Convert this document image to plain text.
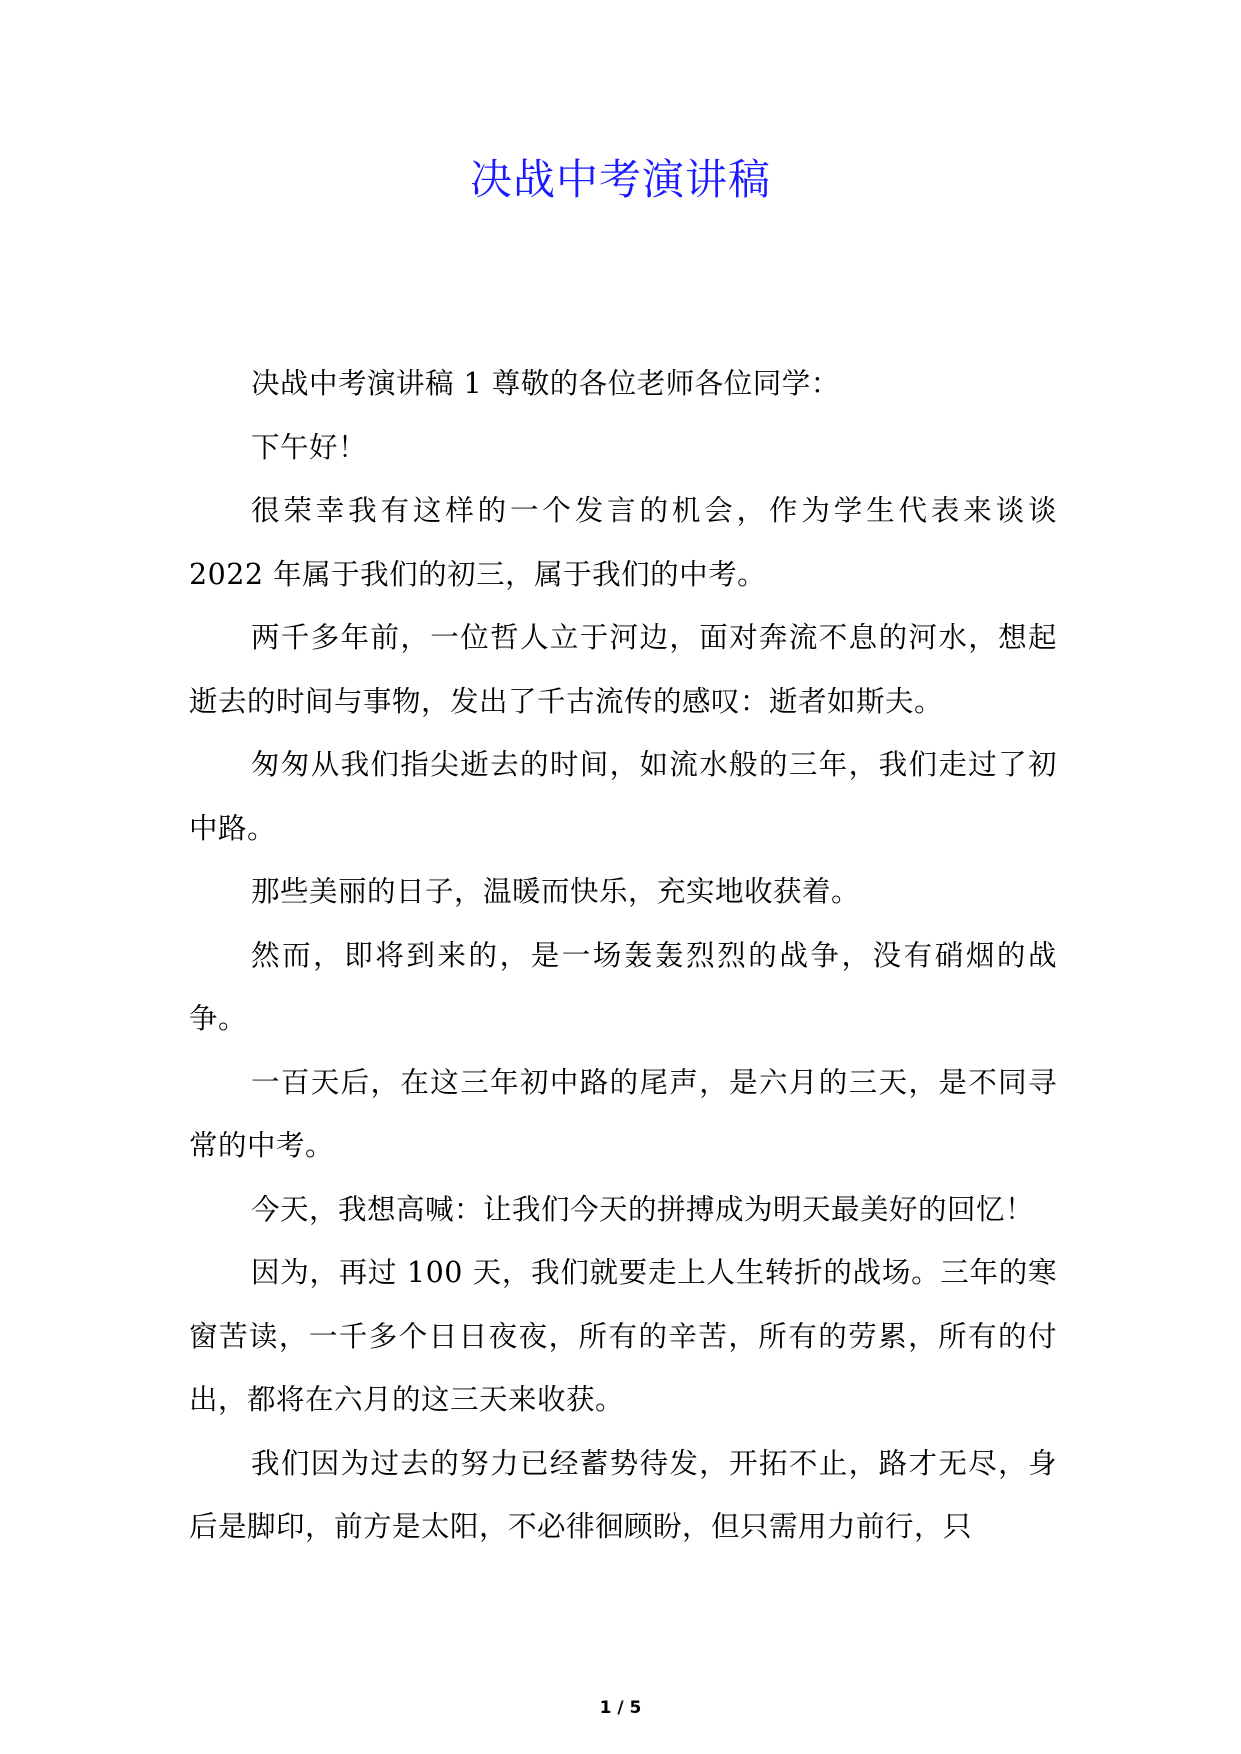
决战中考演讲稿

决战中考演讲稿 1 尊敬的各位老师各位同学：

下午好！

很荣幸我有这样的一个发言的机会，作为学生代表来谈谈 2022 年属于我们的初三，属于我们的中考。

两千多年前，一位哲人立于河边，面对奔流不息的河水，想起逝去的时间与事物，发出了千古流传的感叹：逝者如斯夫。

匆匆从我们指尖逝去的时间，如流水般的三年，我们走过了初中路。

那些美丽的日子，温暖而快乐，充实地收获着。

然而，即将到来的，是一场轰轰烈烈的战争，没有硝烟的战争。

一百天后，在这三年初中路的尾声，是六月的三天，是不同寻常的中考。

今天，我想高喊：让我们今天的拼搏成为明天最美好的回忆！

因为，再过 100 天，我们就要走上人生转折的战场。三年的寒窗苦读，一千多个日日夜夜，所有的辛苦，所有的劳累，所有的付出，都将在六月的这三天来收获。

我们因为过去的努力已经蓄势待发，开拓不止，路才无尽，身后是脚印，前方是太阳，不必徘徊顾盼，但只需用力前行，只

1 / 5
